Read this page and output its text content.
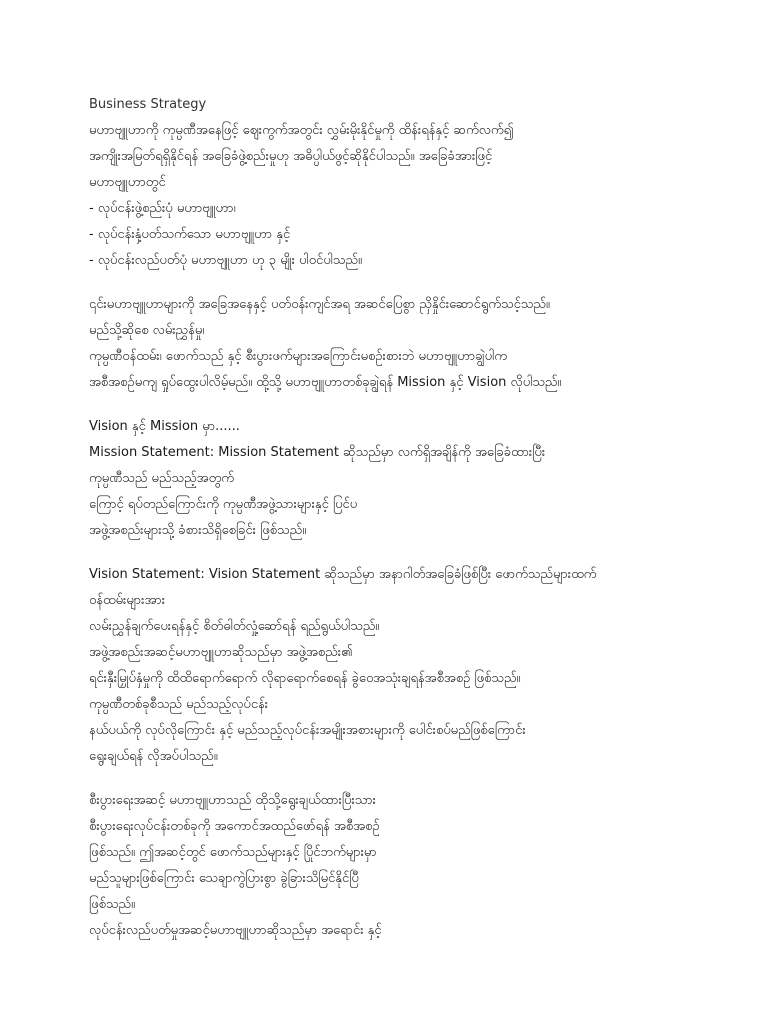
Business Strategy

မဟာဗျူဟာကို ကုမ္ပဏီအနေဖြင့် ဈေးကွက်အတွင်း လွှမ်းမိုးနိုင်မှုကို ထိန်းရန်နှင့် ဆက်လက်၍

အကျိုးအမြတ်ရရှိနိုင်ရန် အခြေခံဖွဲ့စည်းမှုဟု အဓိပ္ပါယ်ဖွင့်ဆိုနိုင်ပါသည်။ အခြေခံအားဖြင့်

မဟာဗျူဟာတွင်

- လုပ်ငန်းဖွဲ့စည်းပုံ မဟာဗျူဟာ၊

- လုပ်ငန်းနှံ့ပတ်သက်သော မဟာဗျူဟာ နှင့်

- လုပ်ငန်းလည်ပတ်ပုံ မဟာဗျူဟာ ဟု ၃ မျိုး ပါဝင်ပါသည်။

၎င်းမဟာဗျူဟာများကို အခြေအနေနှင့် ပတ်ဝန်းကျင်အရ အဆင်ပြေစွာ ညှိနှိုင်းဆောင်ရွက်သင့်သည်။

မည်သို့ဆိုစေ လမ်းညွှန်မှု၊

ကုမ္ပဏီဝန်ထမ်း၊ ဖောက်သည် နှင့် စီးပွားဖက်များအကြောင်းမစဉ်းစားဘဲ မဟာဗျူဟာချွဲပါက

အစီအစဉ်မကျ ရှုပ်ထွေးပါလိမ့်မည်။ ထို့သို့ မဟာဗျူဟာတစ်ခုချွဲရန် Mission နှင့် Vision လိုပါသည်။

Vision နှင့် Mission မှာ......

Mission Statement: Mission Statement ဆိုသည်မှာ လက်ရှိအချိန်ကို အခြေခံထားပြီး

ကုမ္ပဏီသည် မည်သည့်အတွက်

ကြောင့် ရပ်တည်ကြောင်းကို ကုမ္ပဏီအဖွဲ့သားများနှင့် ပြင်ပ

အဖွဲ့အစည်းများသို့ ခံစားသိရှိစေခြင်း ဖြစ်သည်။

Vision Statement: Vision Statement ဆိုသည်မှာ အနာဂါတ်အခြေခံဖြစ်ပြီး ဖောက်သည်များထက်

ဝန်ထမ်းများအား

လမ်းညွှန်ချက်ပေးရန်နှင့် စိတ်ဓါတ်လှုံ့ဆော်ရန် ရည်ရွယ်ပါသည်။

အဖွဲ့အစည်းအဆင့်မဟာဗျူဟာဆိုသည်မှာ အဖွဲ့အစည်း၏

ရင်းနှီးမြှုပ်နှံမှုကို ထိထိရောက်ရောက် လိုရာရောက်စေရန် ခွဲဝေအသုံးချရန်အစီအစဉ် ဖြစ်သည်။

ကုမ္ပဏီတစ်ခုစီသည် မည်သည့်လုပ်ငန်း

နယ်ပယ်ကို လုပ်လိုကြောင်း နှင့် မည်သည့်လုပ်ငန်းအမျိုးအစားများကို ပေါင်းစပ်မည်ဖြစ်ကြောင်း

ရွေးချယ်ရန် လိုအပ်ပါသည်။

စီးပွားရေးအဆင့် မဟာဗျူဟာသည် ထိုသို့ရွေးချယ်ထားပြီးသား

စီးပွားရေးလုပ်ငန်းတစ်ခုကို အကောင်အထည်ဖော်ရန် အစီအစဉ်

ဖြစ်သည်။ ဤအဆင့်တွင် ဖောက်သည်များနှင့် ပြိုင်ဘက်များမှာ

မည်သူများဖြစ်ကြောင်း သေချာကွဲပြားစွာ ခွဲခြားသိမြင်နိုင်ပြီ

ဖြစ်သည်။

လုပ်ငန်းလည်ပတ်မှုအဆင့်မဟာဗျူဟာဆိုသည်မှာ အရောင်း နှင့်
